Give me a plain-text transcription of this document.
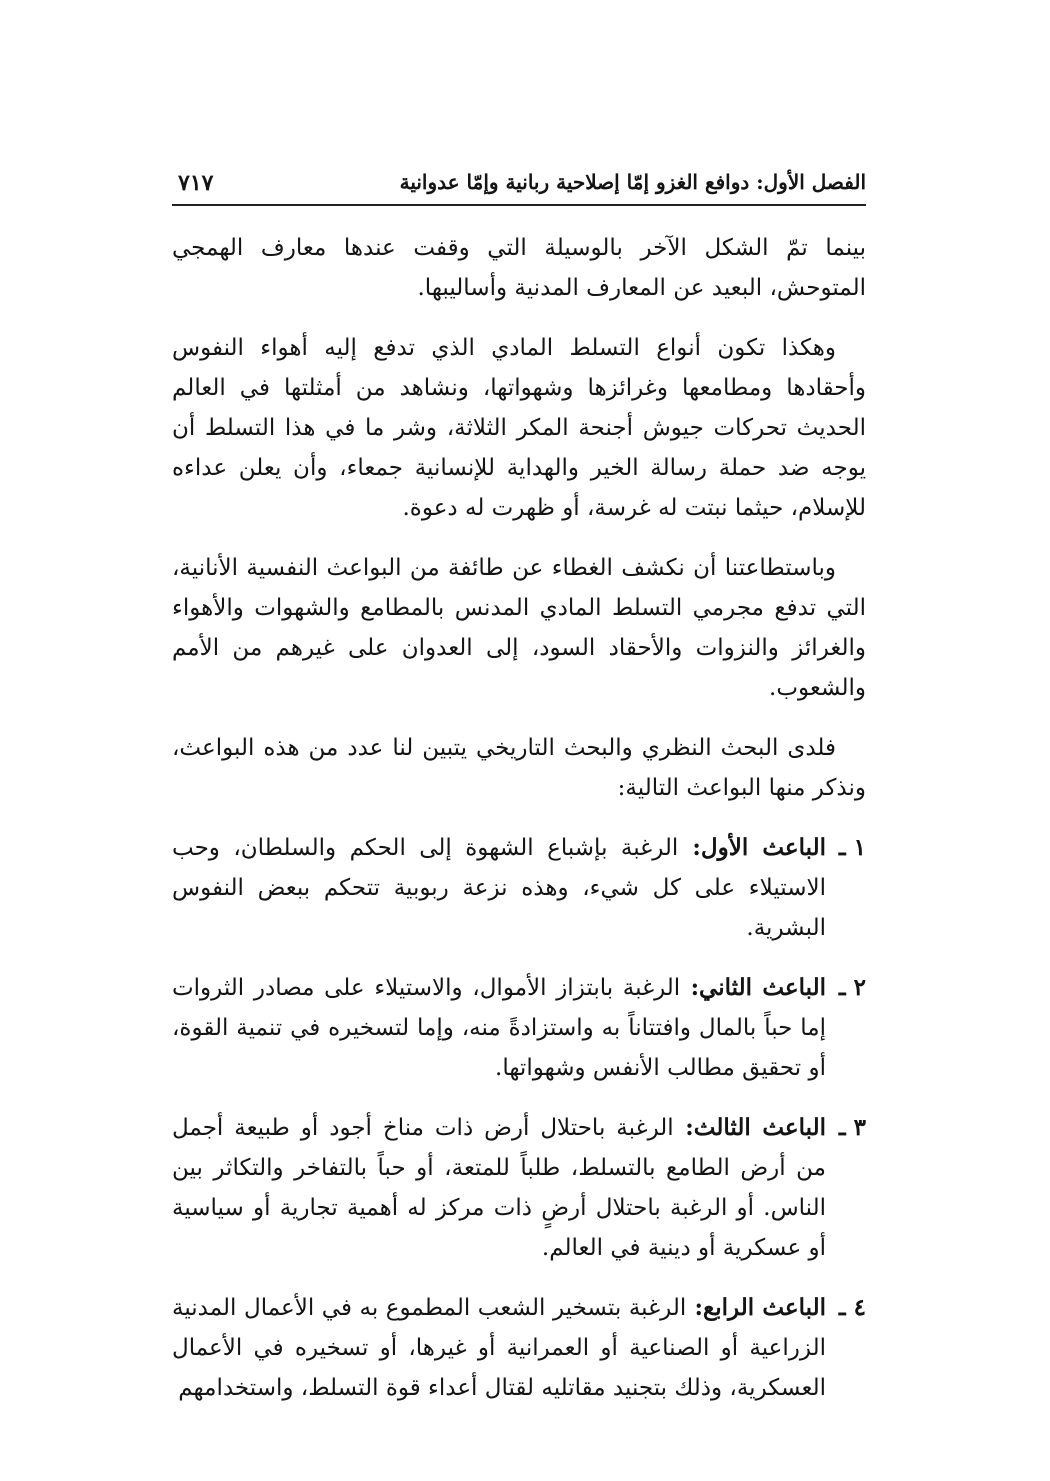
الفصل الأول: دوافع الغزو إمّا إصلاحية ربانية وإمّا عدوانية
٧١٧

بينما تمّ الشكل الآخر بالوسيلة التي وقفت عندها معارف الهمجي المتوحش، البعيد عن المعارف المدنية وأساليبها.

وهكذا تكون أنواع التسلط المادي الذي تدفع إليه أهواء النفوس وأحقادها ومطامعها وغرائزها وشهواتها، ونشاهد من أمثلتها في العالم الحديث تحركات جيوش أجنحة المكر الثلاثة، وشر ما في هذا التسلط أن يوجه ضد حملة رسالة الخير والهداية للإنسانية جمعاء، وأن يعلن عداءه للإسلام، حيثما نبتت له غرسة، أو ظهرت له دعوة.

وباستطاعتنا أن نكشف الغطاء عن طائفة من البواعث النفسية الأنانية، التي تدفع مجرمي التسلط المادي المدنس بالمطامع والشهوات والأهواء والغرائز والنزوات والأحقاد السود، إلى العدوان على غيرهم من الأمم والشعوب.

فلدى البحث النظري والبحث التاريخي يتبين لنا عدد من هذه البواعث، ونذكر منها البواعث التالية:

١ ـ
الباعث الأول: الرغبة بإشباع الشهوة إلى الحكم والسلطان، وحب الاستيلاء على كل شيء، وهذه نزعة ربوبية تتحكم ببعض النفوس البشرية.
٢ ـ
الباعث الثاني: الرغبة بابتزاز الأموال، والاستيلاء على مصادر الثروات إما حباً بالمال وافتتاناً به واستزادةً منه، وإما لتسخيره في تنمية القوة، أو تحقيق مطالب الأنفس وشهواتها.
٣ ـ
الباعث الثالث: الرغبة باحتلال أرض ذات مناخ أجود أو طبيعة أجمل من أرض الطامع بالتسلط، طلباً للمتعة، أو حباً بالتفاخر والتكاثر بين الناس. أو الرغبة باحتلال أرضٍ ذات مركز له أهمية تجارية أو سياسية أو عسكرية أو دينية في العالم.
٤ ـ
الباعث الرابع: الرغبة بتسخير الشعب المطموع به في الأعمال المدنية الزراعية أو الصناعية أو العمرانية أو غيرها، أو تسخيره في الأعمال العسكرية، وذلك بتجنيد مقاتليه لقتال أعداء قوة التسلط، واستخدامهم
